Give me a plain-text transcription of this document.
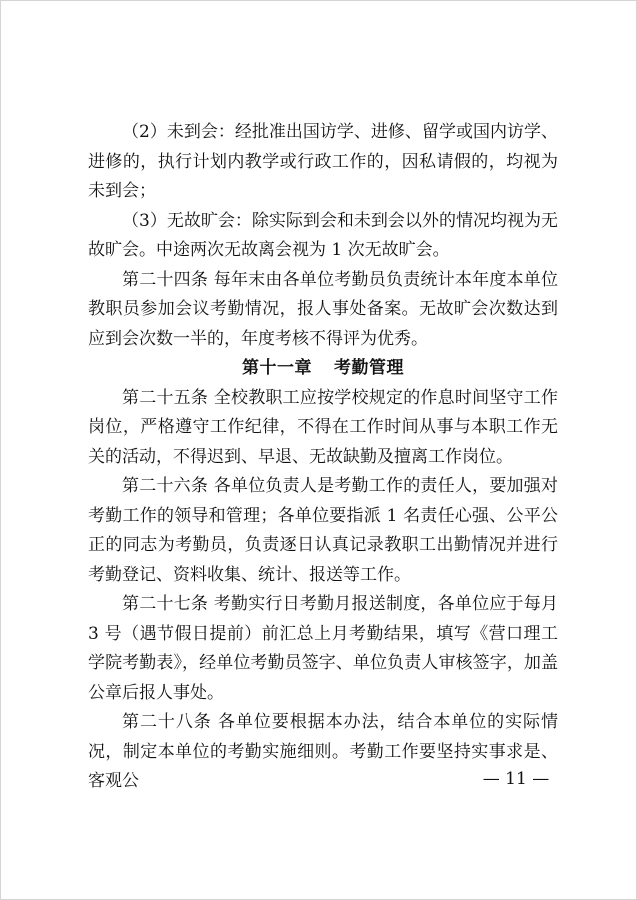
（2）未到会：经批准出国访学、进修、留学或国内访学、进修的，执行计划内教学或行政工作的，因私请假的，均视为未到会；

（3）无故旷会：除实际到会和未到会以外的情况均视为无故旷会。中途两次无故离会视为 1 次无故旷会。

第二十四条 每年末由各单位考勤员负责统计本年度本单位教职员参加会议考勤情况，报人事处备案。无故旷会次数达到应到会次数一半的，年度考核不得评为优秀。

第十一章 考勤管理

第二十五条 全校教职工应按学校规定的作息时间坚守工作岗位，严格遵守工作纪律，不得在工作时间从事与本职工作无关的活动，不得迟到、早退、无故缺勤及擅离工作岗位。

第二十六条 各单位负责人是考勤工作的责任人，要加强对考勤工作的领导和管理；各单位要指派 1 名责任心强、公平公正的同志为考勤员，负责逐日认真记录教职工出勤情况并进行考勤登记、资料收集、统计、报送等工作。

第二十七条 考勤实行日考勤月报送制度，各单位应于每月 3 号（遇节假日提前）前汇总上月考勤结果，填写《营口理工学院考勤表》，经单位考勤员签字、单位负责人审核签字，加盖公章后报人事处。

第二十八条 各单位要根据本办法，结合本单位的实际情况，制定本单位的考勤实施细则。考勤工作要坚持实事求是、客观公	— 11 —
